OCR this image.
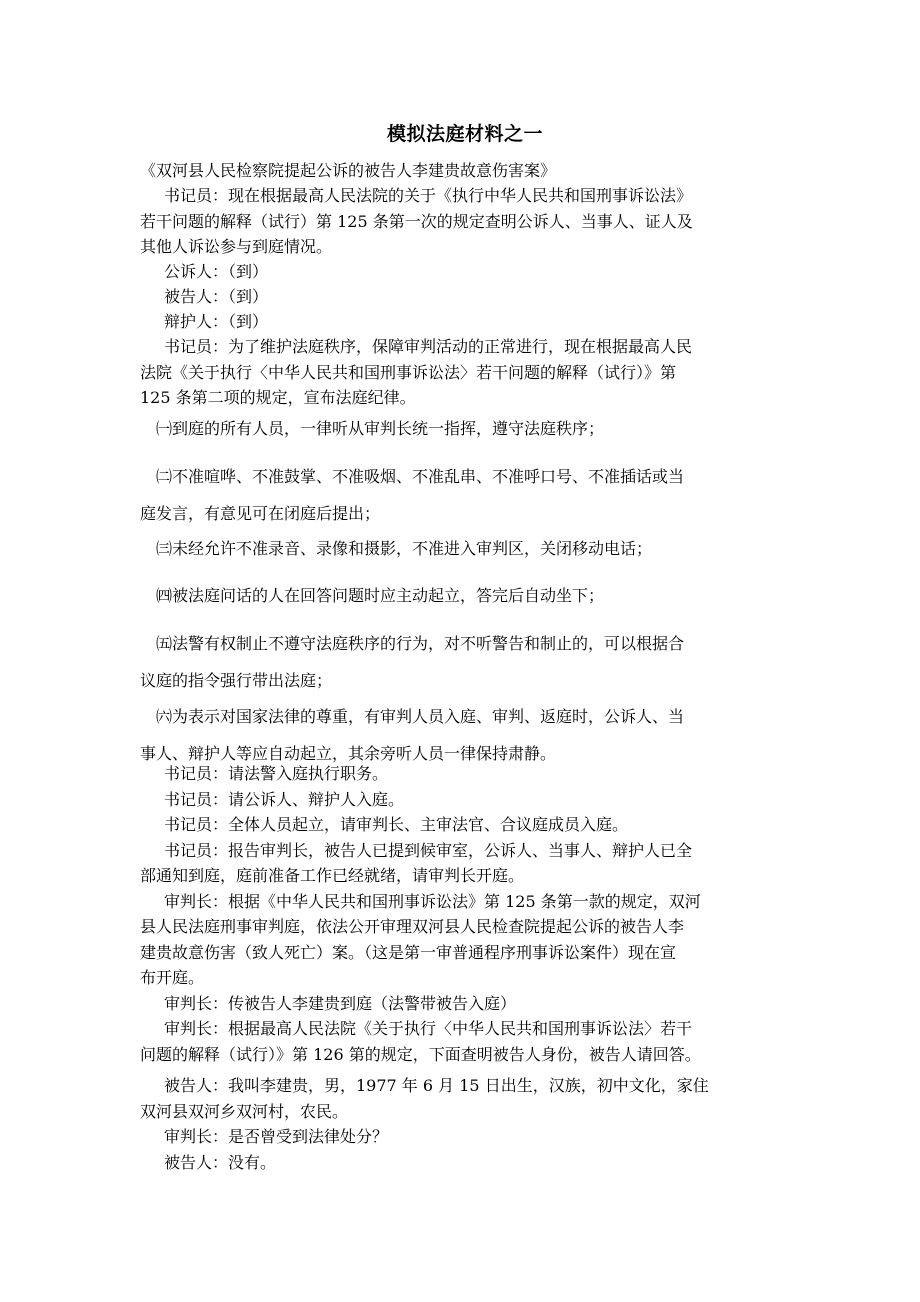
模拟法庭材料之一
《双河县人民检察院提起公诉的被告人李建贵故意伤害案》
书记员：现在根据最高人民法院的关于《执行中华人民共和国刑事诉讼法》
若干问题的解释（试行）第 125 条第一次的规定查明公诉人、当事人、证人及
其他人诉讼参与到庭情况。
公诉人：（到）
被告人：（到）
辩护人：（到）
书记员：为了维护法庭秩序，保障审判活动的正常进行，现在根据最高人民
法院《关于执行〈中华人民共和国刑事诉讼法〉若干问题的解释（试行）》第
125 条第二项的规定，宣布法庭纪律。
㈠到庭的所有人员，一律听从审判长统一指挥，遵守法庭秩序；
㈡不准喧哗、不准鼓掌、不准吸烟、不准乱串、不准呼口号、不准插话或当
庭发言，有意见可在闭庭后提出；
㈢未经允许不准录音、录像和摄影，不准进入审判区，关闭移动电话；
㈣被法庭问话的人在回答问题时应主动起立，答完后自动坐下；
㈤法警有权制止不遵守法庭秩序的行为，对不听警告和制止的，可以根据合
议庭的指令强行带出法庭；
㈥为表示对国家法律的尊重，有审判人员入庭、审判、返庭时，公诉人、当
事人、辩护人等应自动起立，其余旁听人员一律保持肃静。
书记员：请法警入庭执行职务。
书记员：请公诉人、辩护人入庭。
书记员：全体人员起立，请审判长、主审法官、合议庭成员入庭。
书记员：报告审判长，被告人已提到候审室，公诉人、当事人、辩护人已全
部通知到庭，庭前准备工作已经就绪，请审判长开庭。
审判长：根据《中华人民共和国刑事诉讼法》第 125 条第一款的规定，双河
县人民法庭刑事审判庭，依法公开审理双河县人民检查院提起公诉的被告人李
建贵故意伤害（致人死亡）案。（这是第一审普通程序刑事诉讼案件）现在宣
布开庭。
审判长：传被告人李建贵到庭（法警带被告入庭）
审判长：根据最高人民法院《关于执行〈中华人民共和国刑事诉讼法〉若干
问题的解释（试行）》第 126 第的规定，下面查明被告人身份，被告人请回答。
被告人：我叫李建贵，男，1977 年 6 月 15 日出生，汉族，初中文化，家住
双河县双河乡双河村，农民。
审判长：是否曾受到法律处分？
被告人：没有。
